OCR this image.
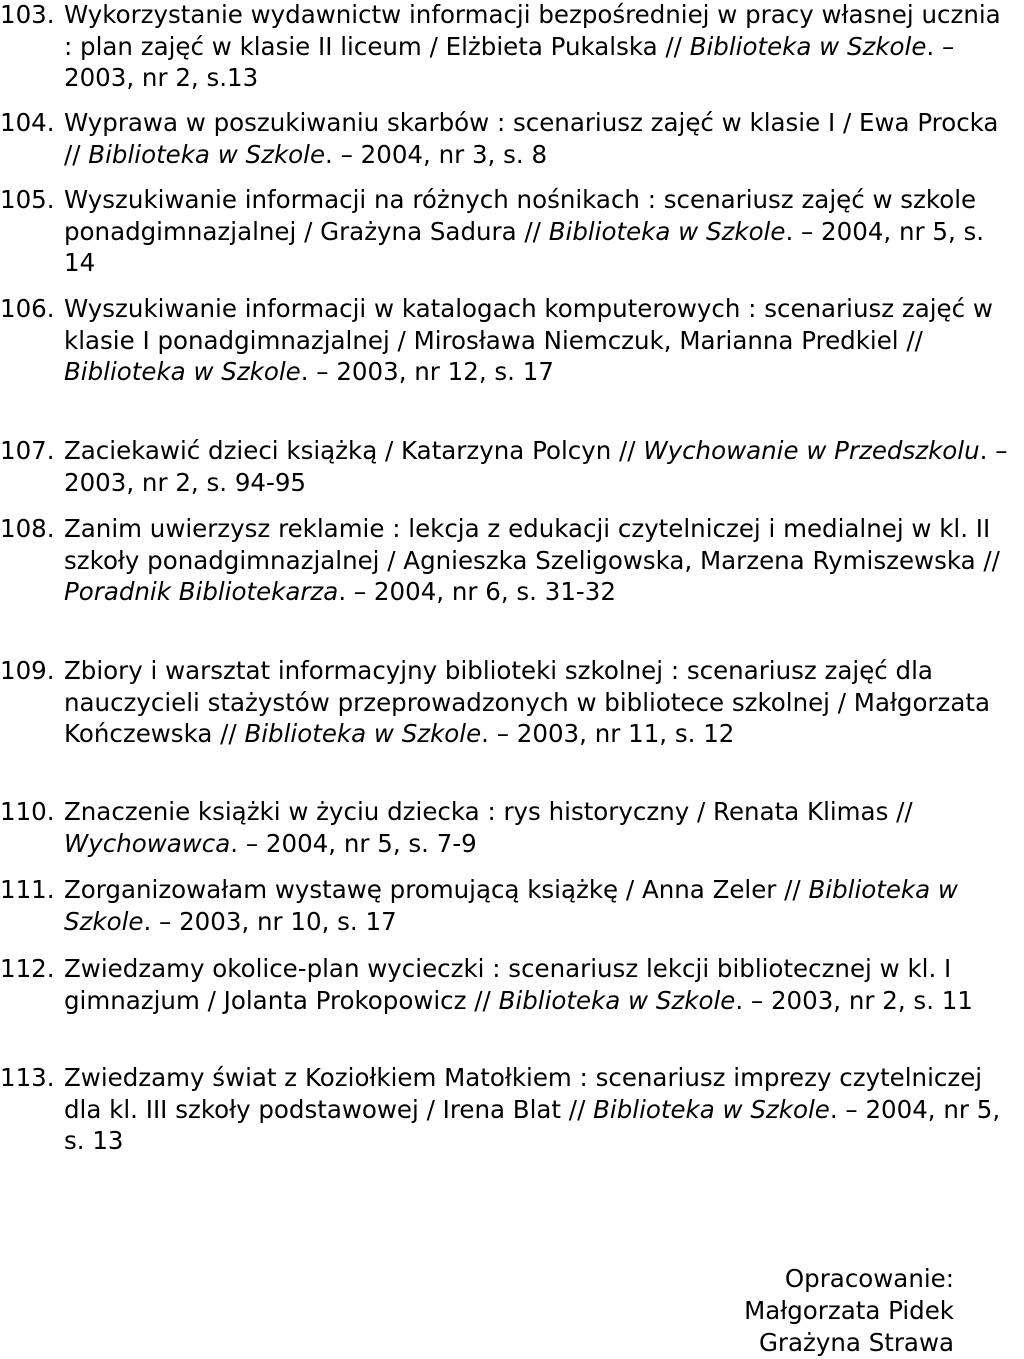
103. Wykorzystanie wydawnictw informacji bezpośredniej w pracy własnej ucznia : plan zajęć w klasie II liceum / Elżbieta Pukalska // Biblioteka w Szkole. – 2003, nr 2, s.13
104. Wyprawa w poszukiwaniu skarbów : scenariusz zajęć w klasie I / Ewa Procka // Biblioteka w Szkole. – 2004, nr 3, s. 8
105. Wyszukiwanie informacji na różnych nośnikach : scenariusz zajęć w szkole ponadgimnazjalnej / Grażyna Sadura // Biblioteka w Szkole. – 2004, nr 5, s. 14
106. Wyszukiwanie informacji w katalogach komputerowych : scenariusz zajęć w klasie I ponadgimnazjalnej / Mirosława Niemczuk, Marianna Predkiel // Biblioteka w Szkole. – 2003, nr 12, s. 17
107. Zaciekawić dzieci książką / Katarzyna Polcyn // Wychowanie w Przedszkolu. – 2003, nr 2, s. 94-95
108. Zanim uwierzysz reklamie : lekcja z edukacji czytelniczej i medialnej w kl. II szkoły ponadgimnazjalnej / Agnieszka Szeligowska, Marzena Rymiszewska // Poradnik Bibliotekarza. – 2004, nr 6, s. 31-32
109. Zbiory i warsztat informacyjny biblioteki szkolnej : scenariusz zajęć dla nauczycieli stażystów przeprowadzonych w bibliotece szkolnej / Małgorzata Kończewska // Biblioteka w Szkole. – 2003, nr 11, s. 12
110. Znaczenie książki w życiu dziecka : rys historyczny / Renata Klimas // Wychowawca. – 2004, nr 5, s. 7-9
111. Zorganizowałam wystawę promującą książkę / Anna Zeler // Biblioteka w Szkole. – 2003, nr 10, s. 17
112. Zwiedzamy okolice-plan wycieczki : scenariusz lekcji bibliotecznej w kl. I gimnazjum / Jolanta Prokopowicz // Biblioteka w Szkole. – 2003, nr 2, s. 11
113. Zwiedzamy świat z Koziołkiem Matołkiem : scenariusz imprezy czytelniczej dla kl. III szkoły podstawowej / Irena Blat // Biblioteka w Szkole. – 2004, nr 5, s. 13
Opracowanie:
Małgorzata Pidek
Grażyna Strawa
